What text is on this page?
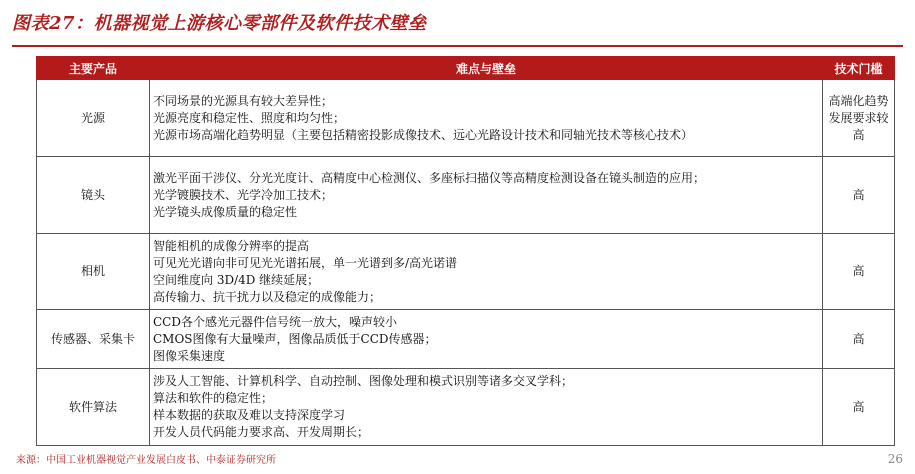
图表27：机器视觉上游核心零部件及软件技术壁垒
主要产品	难点与壁垒	技术门槛
光源	不同场景的光源具有较大差异性；
光源亮度和稳定性、照度和均匀性；
光源市场高端化趋势明显（主要包括精密投影成像技术、远心光路设计技术和同轴光技术等核心技术）	高端化趋势发展要求较高
镜头	激光平面干涉仪、分光光度计、高精度中心检测仪、多座标扫描仪等高精度检测设备在镜头制造的应用；
光学镀膜技术、光学冷加工技术；
光学镜头成像质量的稳定性	高
相机	智能相机的成像分辨率的提高
可见光光谱向非可见光光谱拓展，单一光谱到多/高光诺谱
空间维度向 3D/4D 继续延展；
高传输力、抗干扰力以及稳定的成像能力；	高
传感器、采集卡	CCD各个感光元器件信号统一放大，噪声较小
CMOS图像有大量噪声，图像品质低于CCD传感器；
图像采集速度	高
软件算法	涉及人工智能、计算机科学、自动控制、图像处理和模式识别等诸多交叉学科；
算法和软件的稳定性；
样本数据的获取及难以支持深度学习
开发人员代码能力要求高、开发周期长；	高
来源：中国工业机器视觉产业发展白皮书、中泰证券研究所	26
